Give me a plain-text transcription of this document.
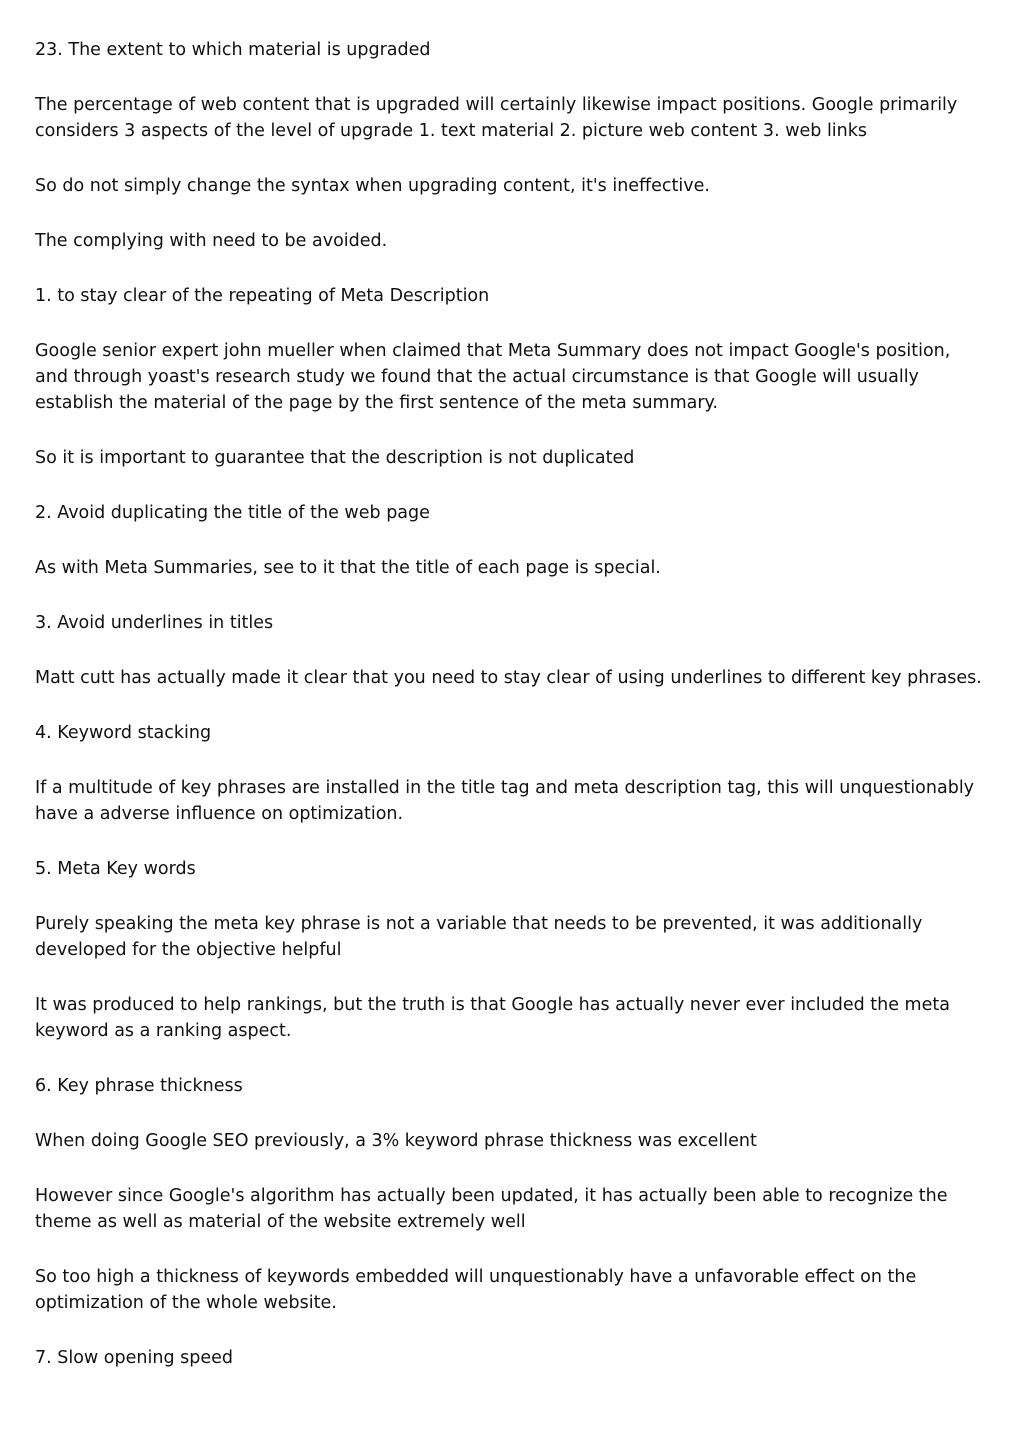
23. The extent to which material is upgraded

The percentage of web content that is upgraded will certainly likewise impact positions. Google primarily considers 3 aspects of the level of upgrade 1. text material 2. picture web content 3. web links

So do not simply change the syntax when upgrading content, it's ineffective.

The complying with need to be avoided.

1. to stay clear of the repeating of Meta Description

Google senior expert john mueller when claimed that Meta Summary does not impact Google's position, and through yoast's research study we found that the actual circumstance is that Google will usually establish the material of the page by the first sentence of the meta summary.

So it is important to guarantee that the description is not duplicated

2. Avoid duplicating the title of the web page

As with Meta Summaries, see to it that the title of each page is special.

3. Avoid underlines in titles

Matt cutt has actually made it clear that you need to stay clear of using underlines to different key phrases.

4. Keyword stacking

If a multitude of key phrases are installed in the title tag and meta description tag, this will unquestionably have a adverse influence on optimization.

5. Meta Key words

Purely speaking the meta key phrase is not a variable that needs to be prevented, it was additionally developed for the objective helpful

It was produced to help rankings, but the truth is that Google has actually never ever included the meta keyword as a ranking aspect.

6. Key phrase thickness

When doing Google SEO previously, a 3% keyword phrase thickness was excellent

However since Google's algorithm has actually been updated, it has actually been able to recognize the theme as well as material of the website extremely well

So too high a thickness of keywords embedded will unquestionably have a unfavorable effect on the optimization of the whole website.

7. Slow opening speed
